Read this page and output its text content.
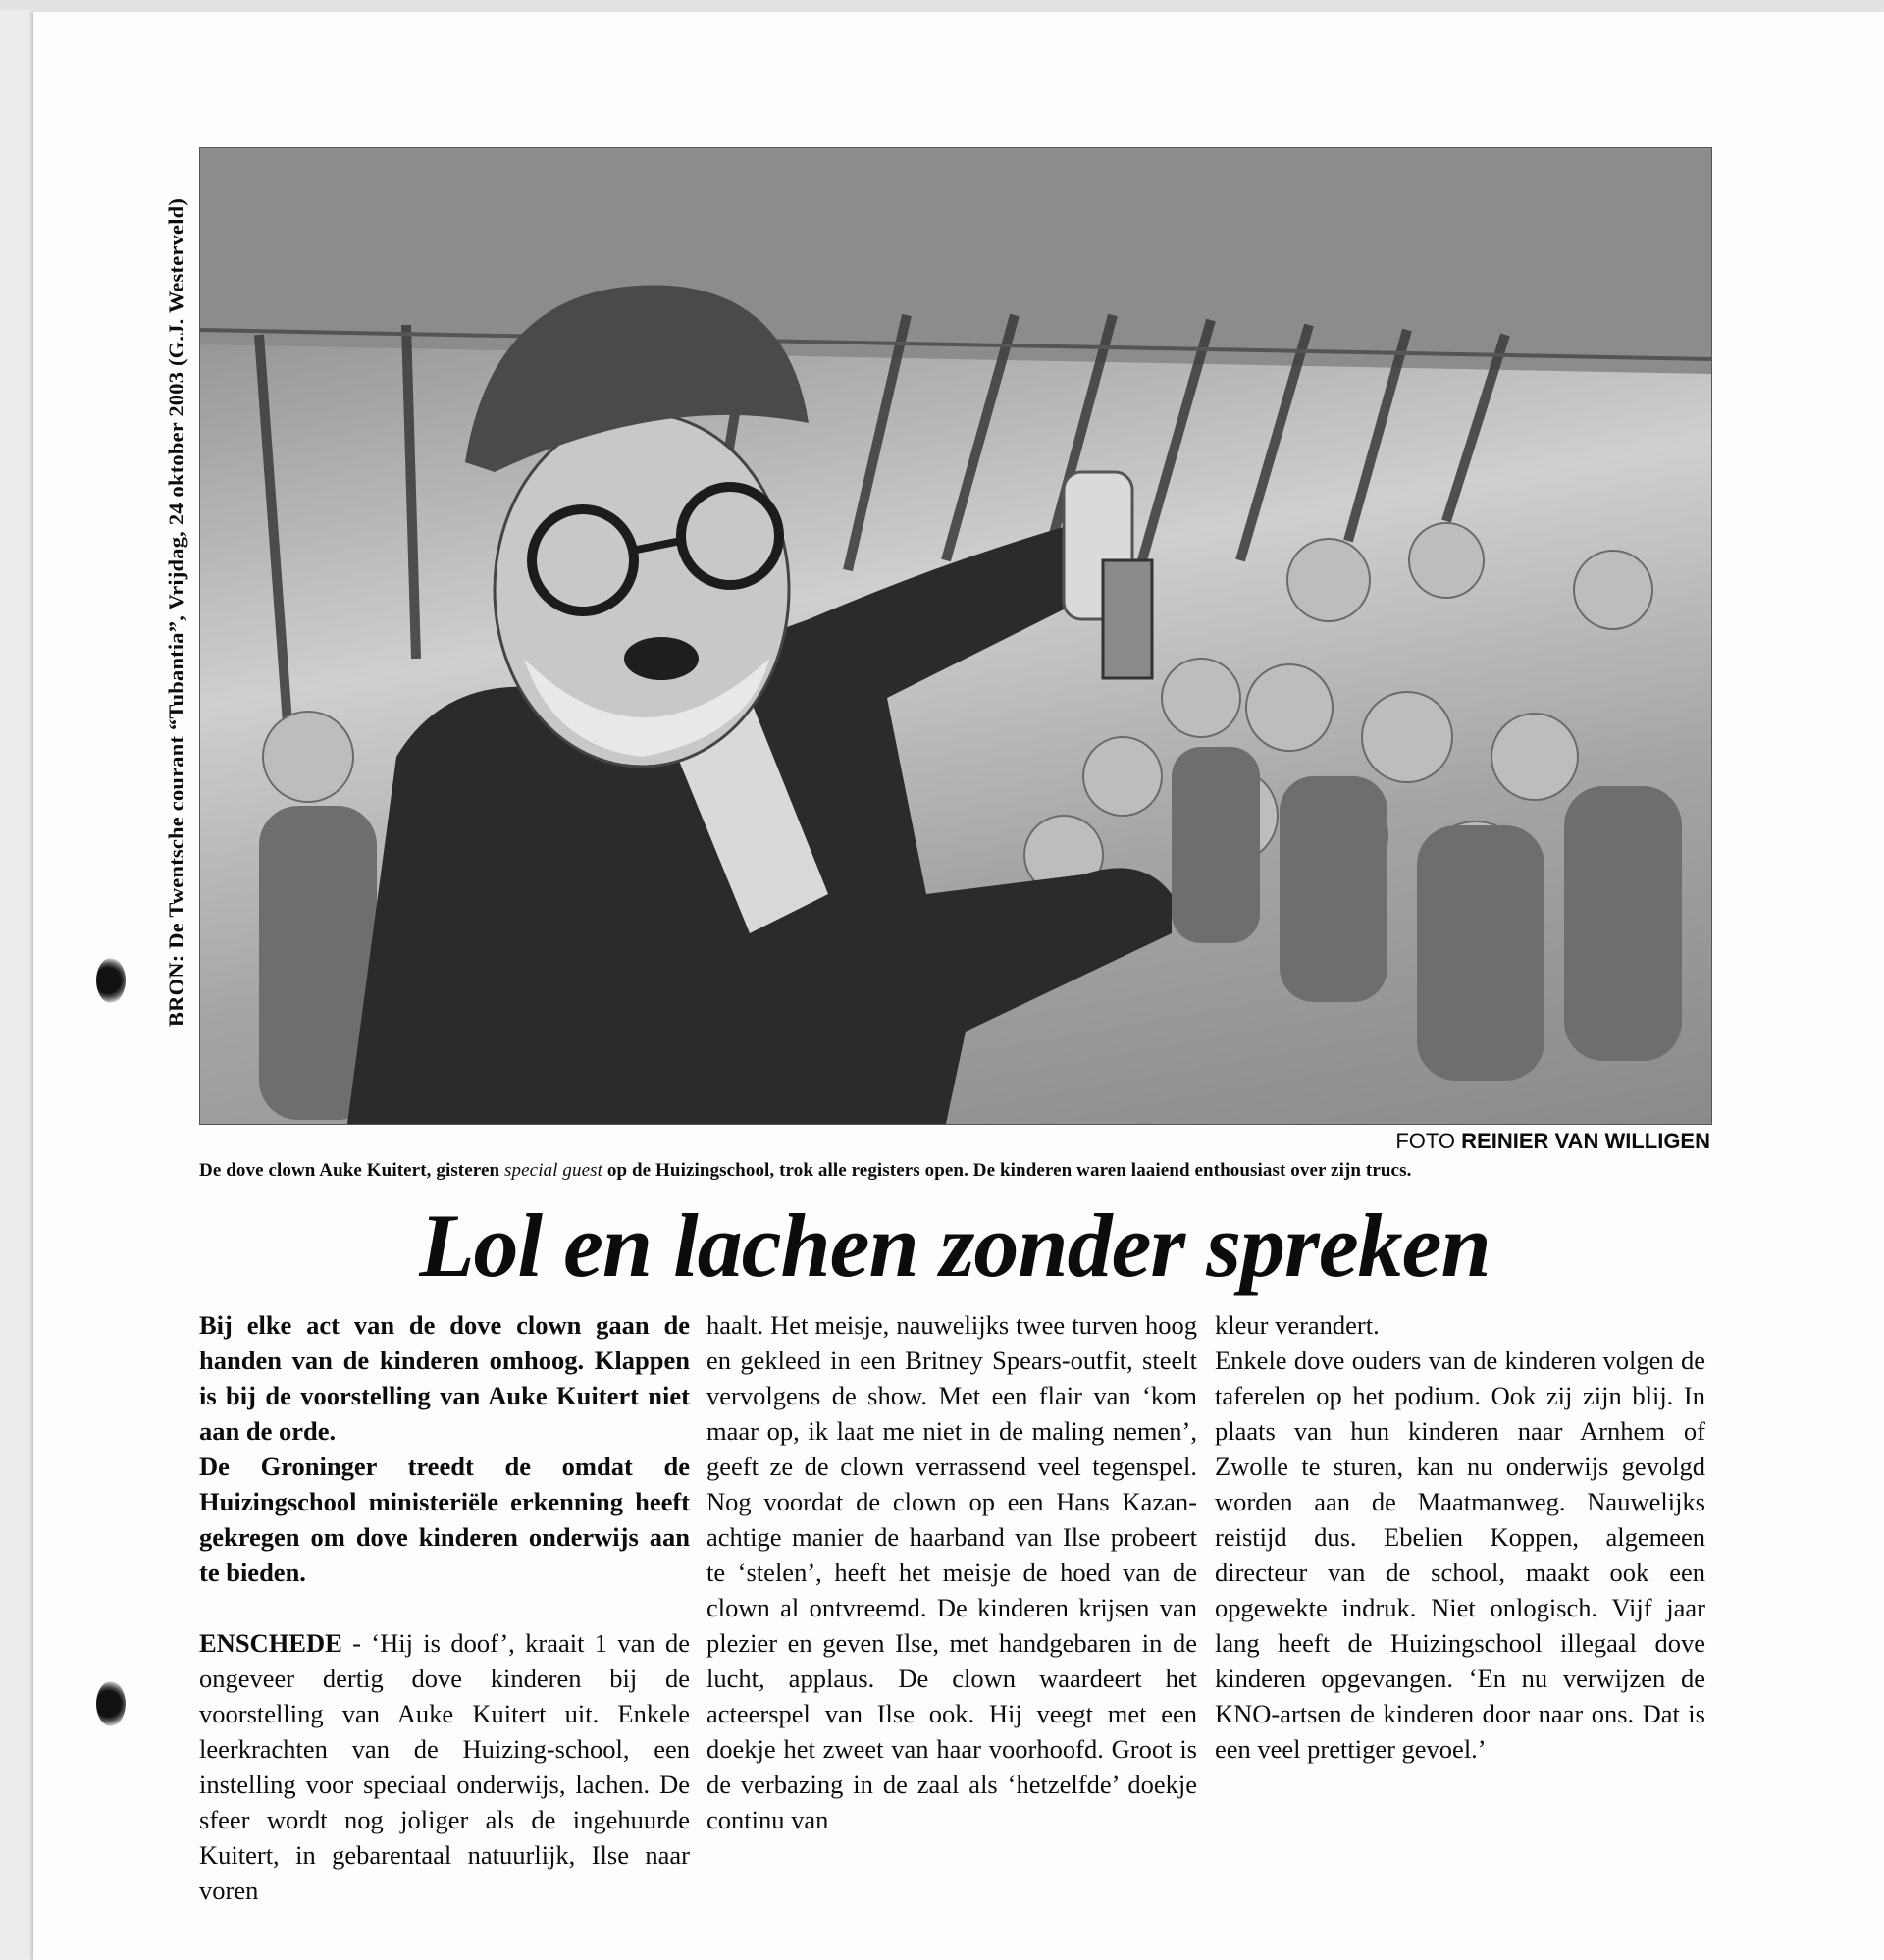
BRON: De Twentsche courant “Tubantia”, Vrijdag, 24 oktober 2003 (G.J. Westerveld)
FOTO REINIER VAN WILLIGEN
De dove clown Auke Kuitert, gisteren special guest op de Huizingschool, trok alle registers open. De kinderen waren laaiend enthousiast over zijn trucs.
Lol en lachen zonder spreken

Bij elke act van de dove clown gaan de handen van de kinderen omhoog. Klappen is bij de voorstelling van Auke Kuitert niet aan de orde.

De Groninger treedt de omdat de Huizingschool ministeriële erkenning heeft gekregen om dove kinderen onderwijs aan te bieden.

ENSCHEDE - ‘Hij is doof’, kraait 1 van de ongeveer dertig dove kinderen bij de voorstelling van Auke Kuitert uit. Enkele leerkrachten van de Huizing-school, een instelling voor speciaal onderwijs, lachen. De sfeer wordt nog joliger als de ingehuurde Kuitert, in gebarentaal natuurlijk, Ilse naar voren

haalt. Het meisje, nauwelijks twee turven hoog en gekleed in een Britney Spears-outfit, steelt vervolgens de show. Met een flair van ‘kom maar op, ik laat me niet in de maling nemen’, geeft ze de clown verrassend veel tegenspel. Nog voordat de clown op een Hans Kazan-achtige manier de haarband van Ilse probeert te ‘stelen’, heeft het meisje de hoed van de clown al ontvreemd. De kinderen krijsen van plezier en geven Ilse, met handgebaren in de lucht, applaus. De clown waardeert het acteerspel van Ilse ook. Hij veegt met een doekje het zweet van haar voorhoofd. Groot is de verbazing in de zaal als ‘hetzelfde’ doekje continu van

kleur verandert.

Enkele dove ouders van de kinderen volgen de taferelen op het podium. Ook zij zijn blij. In plaats van hun kinderen naar Arnhem of Zwolle te sturen, kan nu onderwijs gevolgd worden aan de Maatmanweg. Nauwelijks reistijd dus. Ebelien Koppen, algemeen directeur van de school, maakt ook een opgewekte indruk. Niet onlogisch. Vijf jaar lang heeft de Huizingschool illegaal dove kinderen opgevangen. ‘En nu verwijzen de KNO-artsen de kinderen door naar ons. Dat is een veel prettiger gevoel.’
